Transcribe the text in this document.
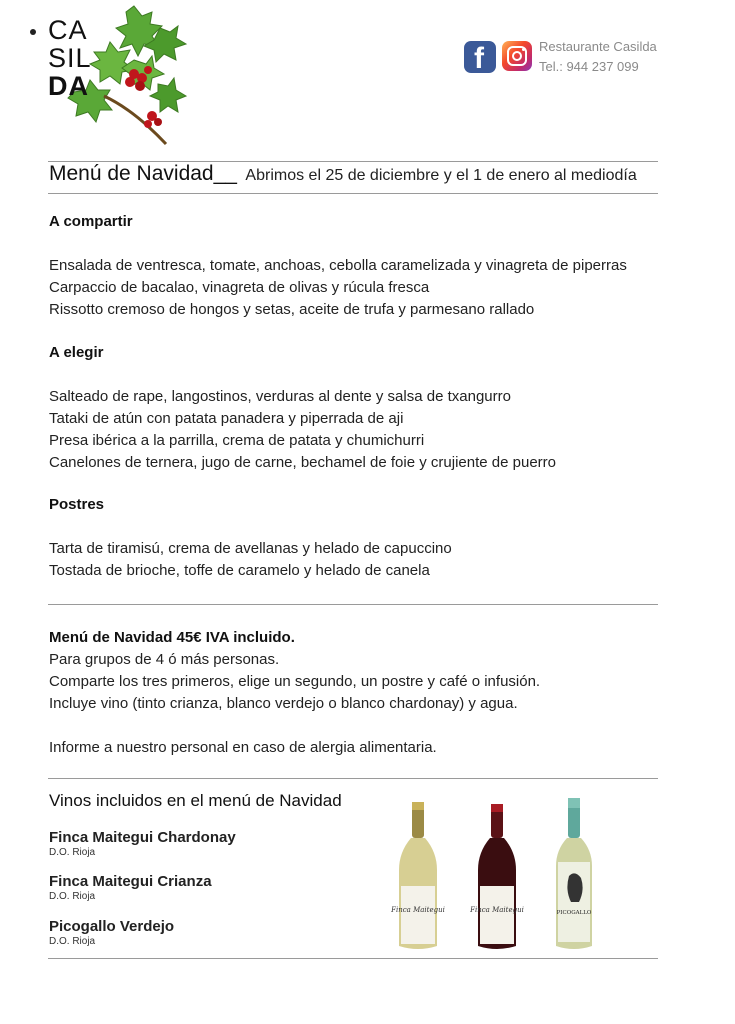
CA
SIL
DA
f	Restaurante Casilda
Tel.: 944 237 099
Menú de Navidad__ Abrimos el 25 de diciembre y el 1 de enero al mediodía
A compartir
Ensalada de ventresca, tomate, anchoas, cebolla caramelizada y vinagreta de piperras
Carpaccio de bacalao, vinagreta de olivas y rúcula fresca
Rissotto cremoso de hongos y setas, aceite de trufa y parmesano rallado
A elegir
Salteado de rape, langostinos, verduras al dente y salsa de txangurro
Tataki de atún con patata panadera y piperrada de aji
Presa ibérica a la parrilla, crema de patata y chumichurri
Canelones de ternera, jugo de carne, bechamel de foie y crujiente de puerro
Postres
Tarta de tiramisú, crema de avellanas y helado de capuccino
Tostada de brioche, toffe de caramelo y helado de canela
Menú de Navidad 45€ IVA incluido.
Para grupos de 4 ó más personas.
Comparte los tres primeros, elige un segundo, un postre y café o infusión.
Incluye vino (tinto crianza, blanco verdejo o blanco chardonay) y agua.
Informe a nuestro personal en caso de alergia alimentaria.
Vinos incluidos en el menú de Navidad
Finca Maitegui Chardonay
D.O. Rioja
Finca Maitegui Crianza
D.O. Rioja
Picogallo Verdejo
D.O. Rioja
Finca Maitegui	Finca Maitegui	PICOGALLO
